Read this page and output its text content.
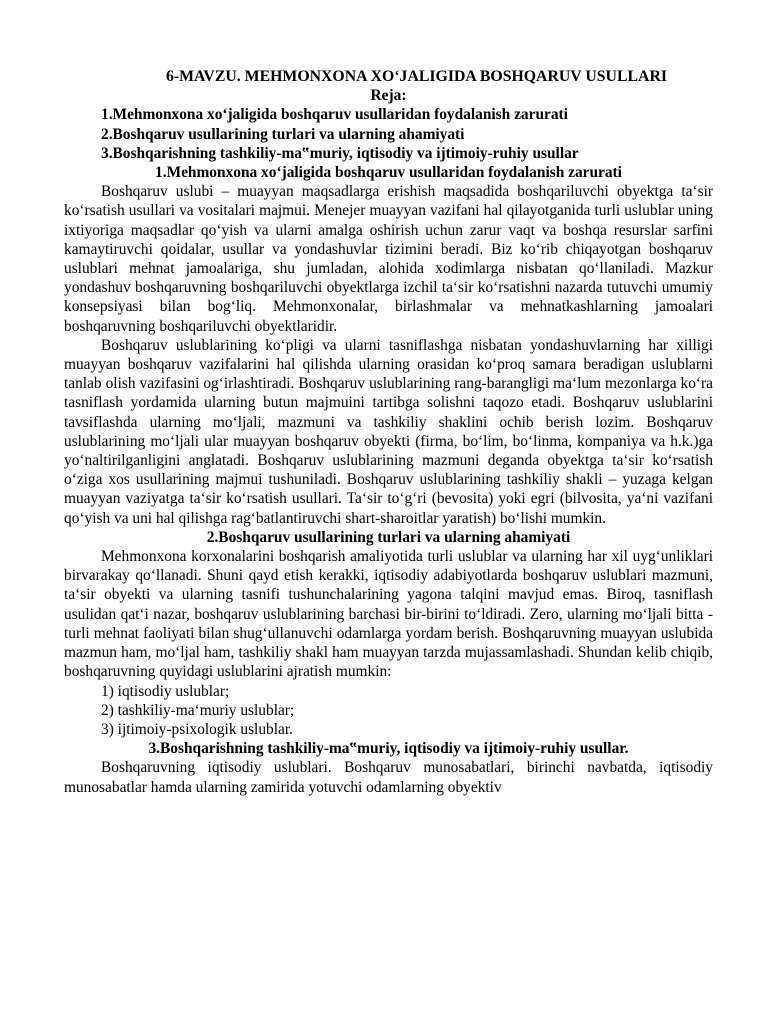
6-MAVZU. MEHMONXONA XO‘JALIGIDA BOSHQARUV USULLARI

Reja:

1.Mehmonxona xo‘jaligida boshqaruv usullaridan foydalanish zarurati

2.Boshqaruv usullarining turlari va ularning ahamiyati

3.Boshqarishning tashkiliy-ma‟muriy, iqtisodiy va ijtimoiy-ruhiy usullar

1.Mehmonxona xo‘jaligida boshqaruv usullaridan foydalanish zarurati

Boshqaruv uslubi – muayyan maqsadlarga erishish maqsadida boshqariluvchi obyektga ta‘sir ko‘rsatish usullari va vositalari majmui. Menejer muayyan vazifani hal qilayotganida turli uslublar uning ixtiyoriga maqsadlar qo‘yish va ularni amalga oshirish uchun zarur vaqt va boshqa resurslar sarfini kamaytiruvchi qoidalar, usullar va yondashuvlar tizimini beradi. Biz ko‘rib chiqayotgan boshqaruv uslublari mehnat jamoalariga, shu jumladan, alohida xodimlarga nisbatan qo‘llaniladi. Mazkur yondashuv boshqaruvning boshqariluvchi obyektlarga izchil ta‘sir ko‘rsatishni nazarda tutuvchi umumiy konsepsiyasi bilan bog‘liq. Mehmonxonalar, birlashmalar va mehnatkashlarning jamoalari boshqaruvning boshqariluvchi obyektlaridir.

Boshqaruv uslublarining ko‘pligi va ularni tasniflashga nisbatan yondashuvlarning har xilligi muayyan boshqaruv vazifalarini hal qilishda ularning orasidan ko‘proq samara beradigan uslublarni tanlab olish vazifasini og‘irlashtiradi. Boshqaruv uslublarining rang-barangligi ma‘lum mezonlarga ko‘ra tasniflash yordamida ularning butun majmuini tartibga solishni taqozo etadi. Boshqaruv uslublarini tavsiflashda ularning mo‘ljali, mazmuni va tashkiliy shaklini ochib berish lozim. Boshqaruv uslublarining mo‘ljali ular muayyan boshqaruv obyekti (firma, bo‘lim, bo‘linma, kompaniya va h.k.)ga yo‘naltirilganligini anglatadi. Boshqaruv uslublarining mazmuni deganda obyektga ta‘sir ko‘rsatish o‘ziga xos usullarining majmui tushuniladi. Boshqaruv uslublarining tashkiliy shakli – yuzaga kelgan muayyan vaziyatga ta‘sir ko‘rsatish usullari. Ta‘sir to‘g‘ri (bevosita) yoki egri (bilvosita, ya‘ni vazifani qo‘yish va uni hal qilishga rag‘batlantiruvchi shart-sharoitlar yaratish) bo‘lishi mumkin.

2.Boshqaruv usullarining turlari va ularning ahamiyati

Mehmonxona korxonalarini boshqarish amaliyotida turli uslublar va ularning har xil uyg‘unliklari birvarakay qo‘llanadi. Shuni qayd etish kerakki, iqtisodiy adabiyotlarda boshqaruv uslublari mazmuni, ta‘sir obyekti va ularning tasnifi tushunchalarining yagona talqini mavjud emas. Biroq, tasniflash usulidan qat‘i nazar, boshqaruv uslublarining barchasi bir-birini to‘ldiradi. Zero, ularning mo‘ljali bitta - turli mehnat faoliyati bilan shug‘ullanuvchi odamlarga yordam berish. Boshqaruvning muayyan uslubida mazmun ham, mo‘ljal ham, tashkiliy shakl ham muayyan tarzda mujassamlashadi. Shundan kelib chiqib, boshqaruvning quyidagi uslublarini ajratish mumkin:

1) iqtisodiy uslublar;

2) tashkiliy-ma‘muriy uslublar;

3) ijtimoiy-psixologik uslublar.

3.Boshqarishning tashkiliy-ma‟muriy, iqtisodiy va ijtimoiy-ruhiy usullar.

Boshqaruvning iqtisodiy uslublari. Boshqaruv munosabatlari, birinchi navbatda, iqtisodiy munosabatlar hamda ularning zamirida yotuvchi odamlarning obyektiv
